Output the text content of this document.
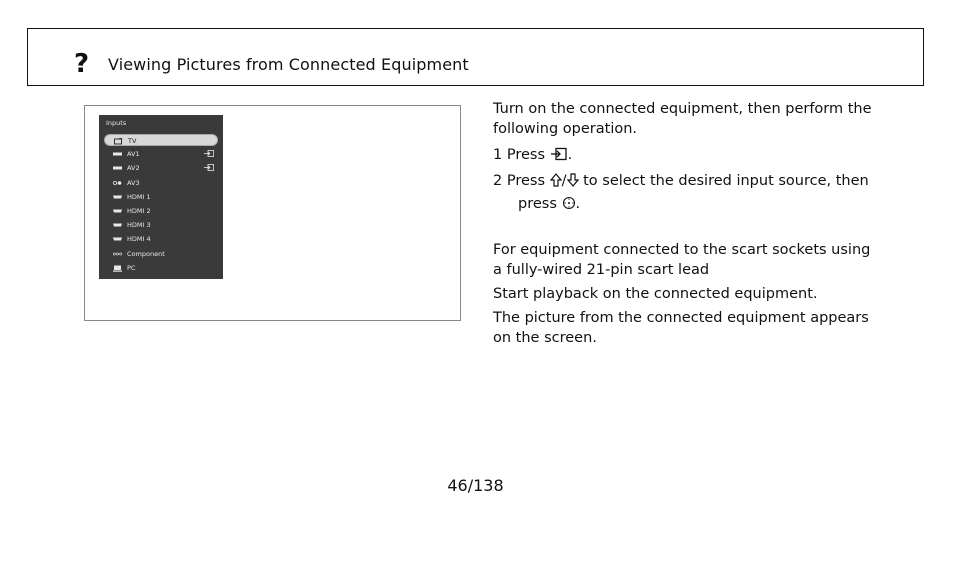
? Viewing Pictures from Connected Equipment
Inputs
TV
AV1
AV2
AV3
HDMI 1
HDMI 2
HDMI 3
HDMI 4
Component
PC
Turn on the connected equipment, then perform the following operation.
1 Press .
2 Press / to select the desired input source, then
press .
For equipment connected to the scart sockets using a fully-wired 21-pin scart lead
Start playback on the connected equipment.
The picture from the connected equipment appears on the screen.
46/138
